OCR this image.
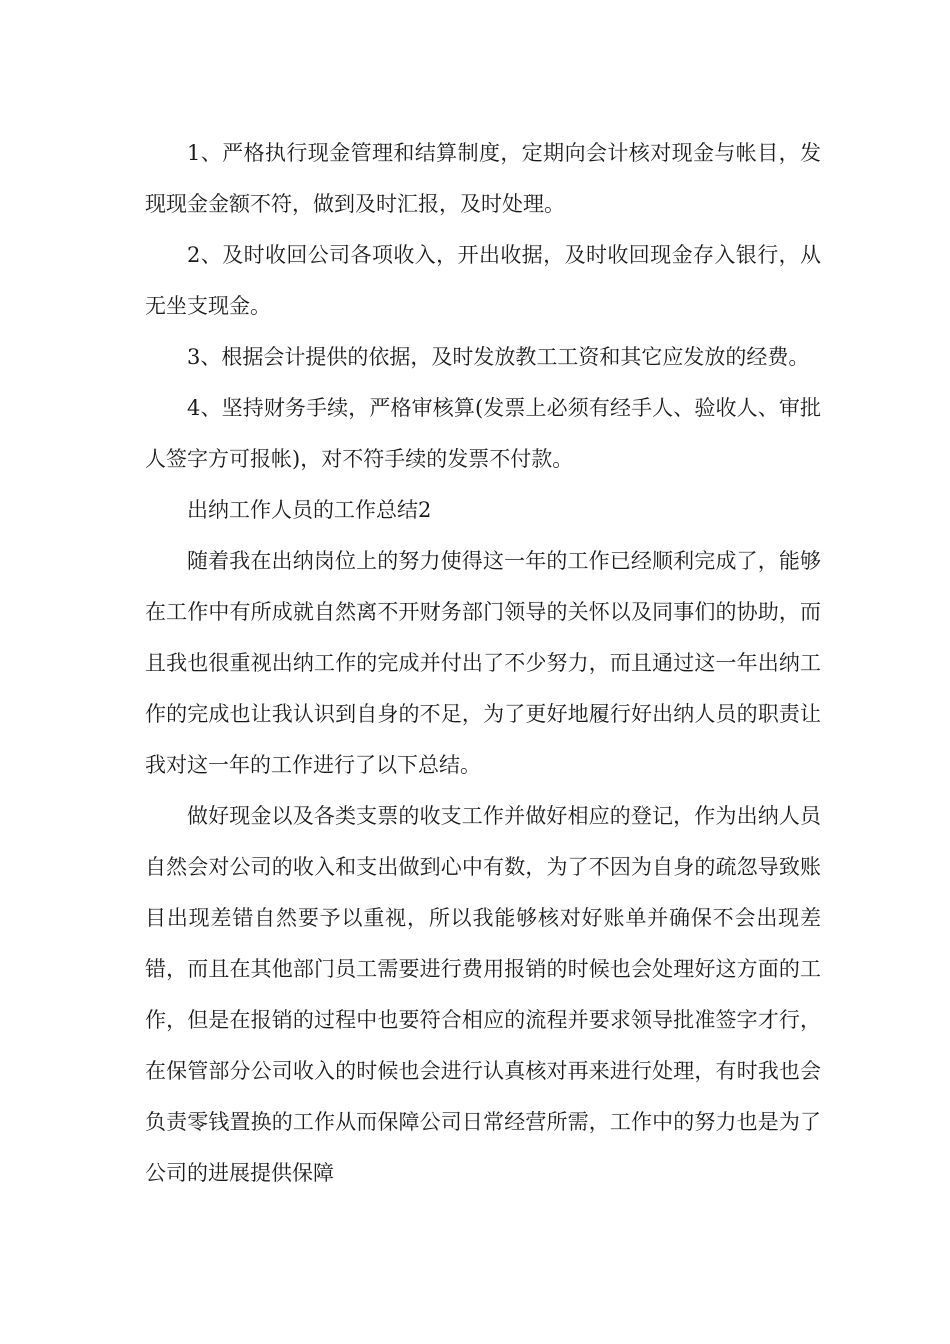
1、严格执行现金管理和结算制度，定期向会计核对现金与帐目，发现现金金额不符，做到及时汇报，及时处理。

2、及时收回公司各项收入，开出收据，及时收回现金存入银行，从无坐支现金。

3、根据会计提供的依据，及时发放教工工资和其它应发放的经费。

4、坚持财务手续，严格审核算(发票上必须有经手人、验收人、审批人签字方可报帐)，对不符手续的发票不付款。

出纳工作人员的工作总结2

随着我在出纳岗位上的努力使得这一年的工作已经顺利完成了，能够在工作中有所成就自然离不开财务部门领导的关怀以及同事们的协助，而且我也很重视出纳工作的完成并付出了不少努力，而且通过这一年出纳工作的完成也让我认识到自身的不足，为了更好地履行好出纳人员的职责让我对这一年的工作进行了以下总结。

做好现金以及各类支票的收支工作并做好相应的登记，作为出纳人员自然会对公司的收入和支出做到心中有数，为了不因为自身的疏忽导致账目出现差错自然要予以重视，所以我能够核对好账单并确保不会出现差错，而且在其他部门员工需要进行费用报销的时候也会处理好这方面的工作，但是在报销的过程中也要符合相应的流程并要求领导批准签字才行，在保管部分公司收入的时候也会进行认真核对再来进行处理，有时我也会负责零钱置换的工作从而保障公司日常经营所需，工作中的努力也是为了公司的进展提供保障
